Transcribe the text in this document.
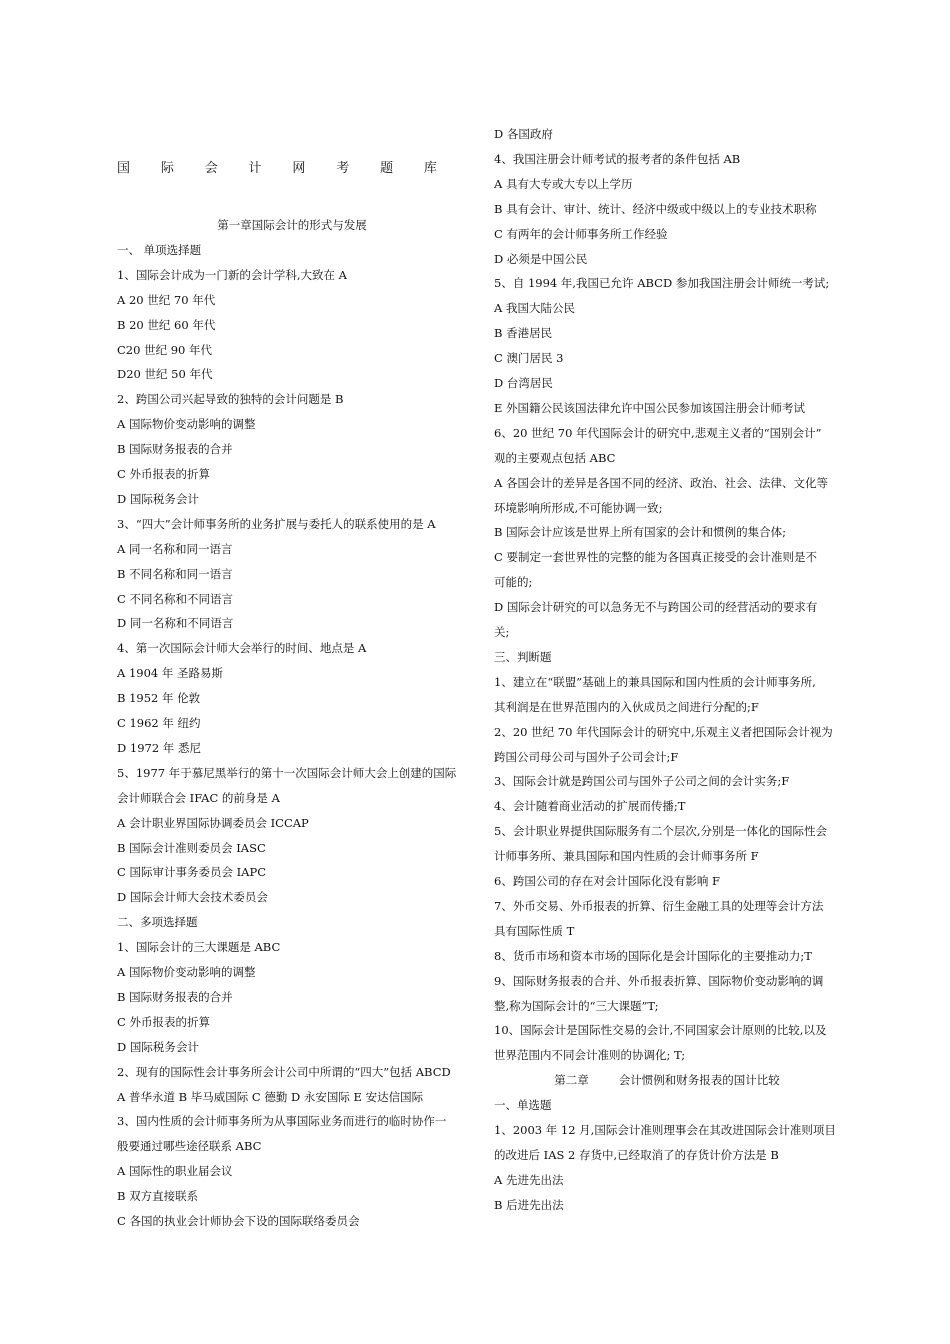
国 际 会 计 网 考 题 库
第一章国际会计的形式与发展
一、 单项选择题
1、国际会计成为一门新的会计学科,大致在 A
A 20 世纪 70 年代
B 20 世纪 60 年代
C20 世纪 90 年代
D20 世纪 50 年代
2、跨国公司兴起导致的独特的会计问题是 B
A 国际物价变动影响的调整
B 国际财务报表的合并
C 外币报表的折算
D 国际税务会计
3、“四大”会计师事务所的业务扩展与委托人的联系使用的是 A
A 同一名称和同一语言
B 不同名称和同一语言
C 不同名称和不同语言
D 同一名称和不同语言
4、第一次国际会计师大会举行的时间、地点是 A
A 1904 年 圣路易斯
B 1952 年 伦敦
C 1962 年 纽约
D 1972 年 悉尼
5、1977 年于慕尼黑举行的第十一次国际会计师大会上创建的国际
会计师联合会 IFAC 的前身是 A
A 会计职业界国际协调委员会 ICCAP
B 国际会计准则委员会 IASC
C 国际审计事务委员会 IAPC
D 国际会计师大会技术委员会
二、多项选择题
1、国际会计的三大课题是 ABC
A 国际物价变动影响的调整
B 国际财务报表的合并
C 外币报表的折算
D 国际税务会计
2、现有的国际性会计事务所会计公司中所谓的“四大”包括 ABCD
A 普华永道 B 毕马威国际 C 德勤 D 永安国际 E 安达信国际
3、国内性质的会计师事务所为从事国际业务而进行的临时协作一
般要通过哪些途径联系 ABC
A 国际性的职业届会议
B 双方直接联系
C 各国的执业会计师协会下设的国际联络委员会
D 各国政府
4、我国注册会计师考试的报考者的条件包括 AB
A 具有大专或大专以上学历
B 具有会计、审计、统计、经济中级或中级以上的专业技术职称
C 有两年的会计师事务所工作经验
D 必须是中国公民
5、自 1994 年,我国已允许 ABCD 参加我国注册会计师统一考试;
A 我国大陆公民
B 香港居民
C 澳门居民 3
D 台湾居民
E 外国籍公民该国法律允许中国公民参加该国注册会计师考试
6、20 世纪 70 年代国际会计的研究中,悲观主义者的“国别会计”
观的主要观点包括 ABC
A 各国会计的差异是各国不同的经济、政治、社会、法律、文化等
环境影响所形成,不可能协调一致;
B 国际会计应该是世界上所有国家的会计和惯例的集合体;
C 要制定一套世界性的完整的能为各国真正接受的会计准则是不
可能的;
D 国际会计研究的可以急务无不与跨国公司的经营活动的要求有
关;
三、判断题
1、建立在“联盟”基础上的兼具国际和国内性质的会计师事务所,
其利润是在世界范围内的入伙成员之间进行分配的;F
2、20 世纪 70 年代国际会计的研究中,乐观主义者把国际会计视为
跨国公司母公司与国外子公司会计;F
3、国际会计就是跨国公司与国外子公司之间的会计实务;F
4、会计随着商业活动的扩展而传播;T
5、会计职业界提供国际服务有二个层次,分别是一体化的国际性会
计师事务所、兼具国际和国内性质的会计师事务所 F
6、跨国公司的存在对会计国际化没有影响 F
7、外币交易、外币报表的折算、衍生金融工具的处理等会计方法
具有国际性质 T
8、货币市场和资本市场的国际化是会计国际化的主要推动力;T
9、国际财务报表的合并、外币报表折算、国际物价变动影响的调
整,称为国际会计的“三大课题”T;
10、国际会计是国际性交易的会计,不同国家会计原则的比较,以及
世界范围内不同会计准则的协调化; T;
第二章	会计惯例和财务报表的国计比较
一、单选题
1、2003 年 12 月,国际会计准则理事会在其改进国际会计准则项目
的改进后 IAS 2 存货中,已经取消了的存货计价方法是 B
A 先进先出法
B 后进先出法
